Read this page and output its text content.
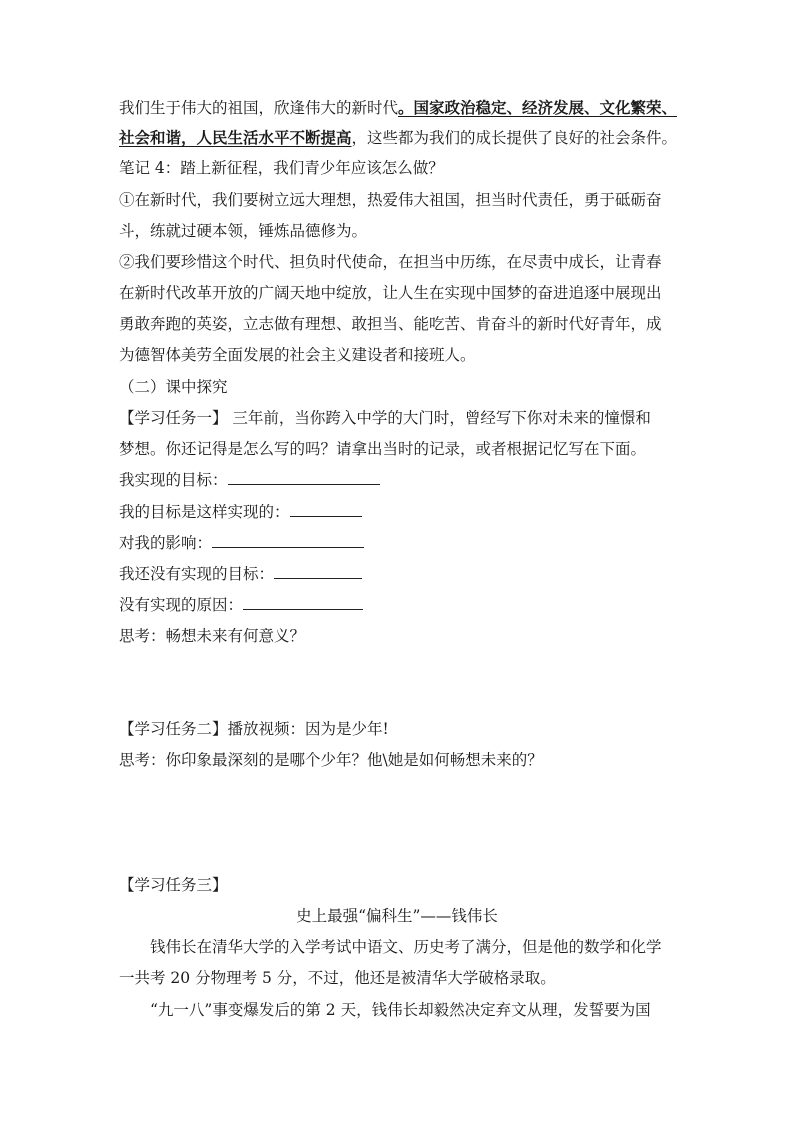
我们生于伟大的祖国，欣逢伟大的新时代。国家政治稳定、经济发展、文化繁荣、
社会和谐，人民生活水平不断提高，这些都为我们的成长提供了良好的社会条件。
笔记 4：踏上新征程，我们青少年应该怎么做？
①在新时代，我们要树立远大理想，热爱伟大祖国，担当时代责任，勇于砥砺奋
斗，练就过硬本领，锤炼品德修为。
②我们要珍惜这个时代、担负时代使命，在担当中历练，在尽责中成长，让青春
在新时代改革开放的广阔天地中绽放，让人生在实现中国梦的奋进追逐中展现出
勇敢奔跑的英姿，立志做有理想、敢担当、能吃苦、肯奋斗的新时代好青年，成
为德智体美劳全面发展的社会主义建设者和接班人。
（二）课中探究
【学习任务一】 三年前，当你跨入中学的大门时，曾经写下你对未来的憧憬和
梦想。你还记得是怎么写的吗？请拿出当时的记录，或者根据记忆写在下面。
我实现的目标：
我的目标是这样实现的：
对我的影响：
我还没有实现的目标：
没有实现的原因：
思考：畅想未来有何意义？
【学习任务二】播放视频：因为是少年!
思考：你印象最深刻的是哪个少年？他\她是如何畅想未来的？
【学习任务三】
史上最强“偏科生”——钱伟长
钱伟长在清华大学的入学考试中语文、历史考了满分，但是他的数学和化学
一共考 20 分物理考 5 分，不过，他还是被清华大学破格录取。
“九一八”事变爆发后的第 2 天，钱伟长却毅然决定弃文从理，发誓要为国
